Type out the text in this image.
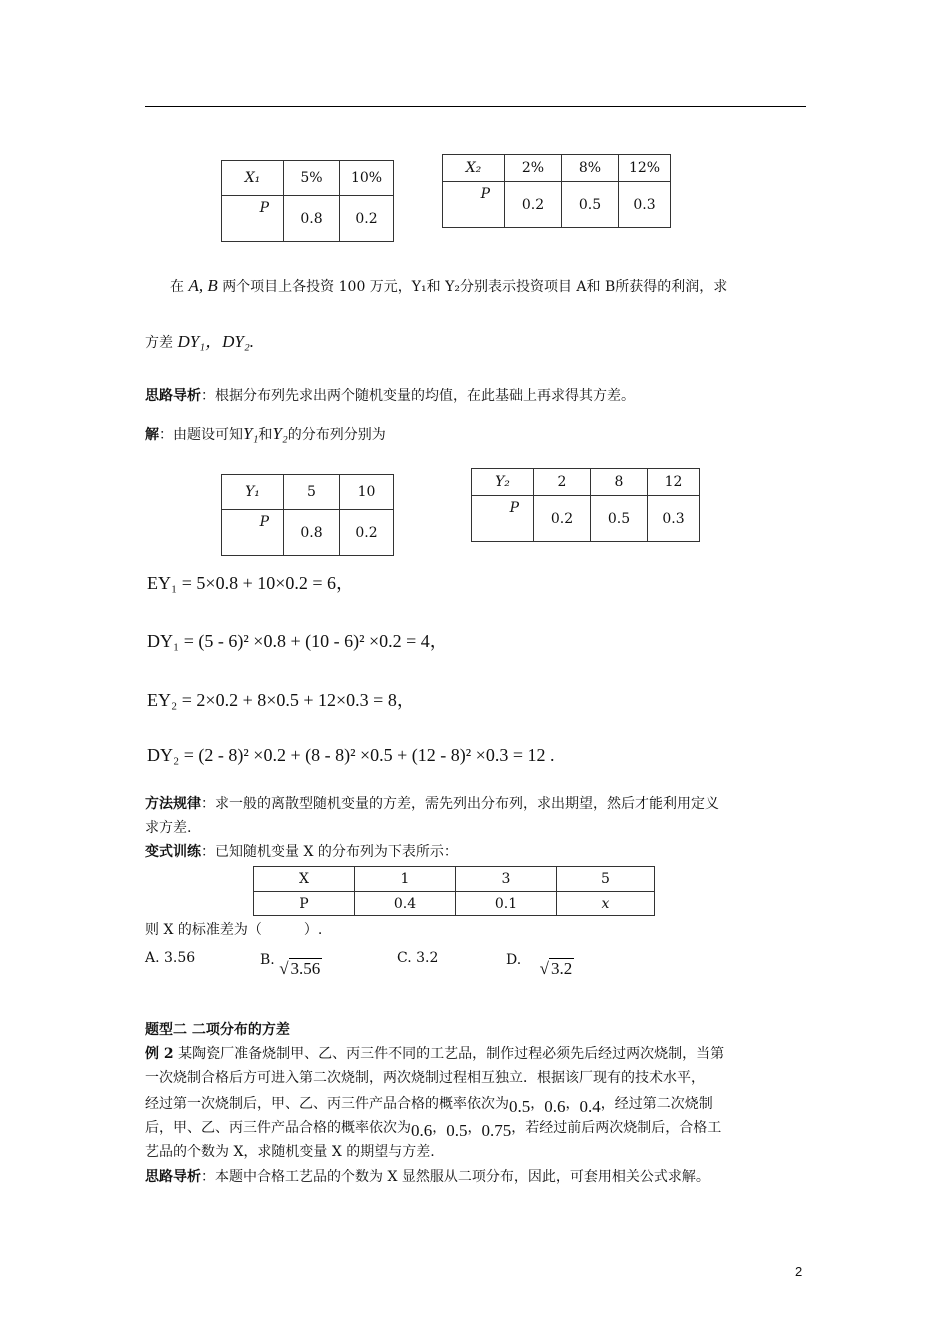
X₁	5%	10%

P	0.8	0.2
X₂	2%	8%	12%

P	0.2	0.5	0.3
在 A, B 两个项目上各投资 100 万元，Y₁和 Y₂分别表示投资项目 A和 B所获得的利润，求
方差 DY₁，DY₂.
思路导析：根据分布列先求出两个随机变量的均值，在此基础上再求得其方差。
解：由题设可知Y₁和Y₂的分布列分别为
Y₁	5	10

P	0.8	0.2
Y₂	2	8	12

P	0.2	0.5	0.3
EY₁ = 5×0.8 + 10×0.2 = 6，
DY₁ = (5 - 6)² ×0.8 + (10 - 6)² ×0.2 = 4，
EY₂ = 2×0.2 + 8×0.5 + 12×0.3 = 8，
DY₂ = (2 - 8)² ×0.2 + (8 - 8)² ×0.5 + (12 - 8)² ×0.3 = 12 .
方法规律：求一般的离散型随机变量的方差，需先列出分布列，求出期望，然后才能利用定义
求方差.
变式训练：已知随机变量 X 的分布列为下表所示：
X	1	3	5
P	0.4	0.1	x
则 X 的标准差为（　　　）.
A. 3.56	B. √ 3.56
C. 3.2	D. √ 3.2
题型二 二项分布的方差
例 2 某陶瓷厂准备烧制甲、乙、丙三件不同的工艺品，制作过程必须先后经过两次烧制，当第
一次烧制合格后方可进入第二次烧制，两次烧制过程相互独立．根据该厂现有的技术水平，
经过第一次烧制后，甲、乙、丙三件产品合格的概率依次为0.5，0.6，0.4，经过第二次烧制
后，甲、乙、丙三件产品合格的概率依次为0.6，0.5，0.75，若经过前后两次烧制后，合格工
艺品的个数为 X，求随机变量 X 的期望与方差.
思路导析：本题中合格工艺品的个数为 X 显然服从二项分布，因此，可套用相关公式求解。
2
